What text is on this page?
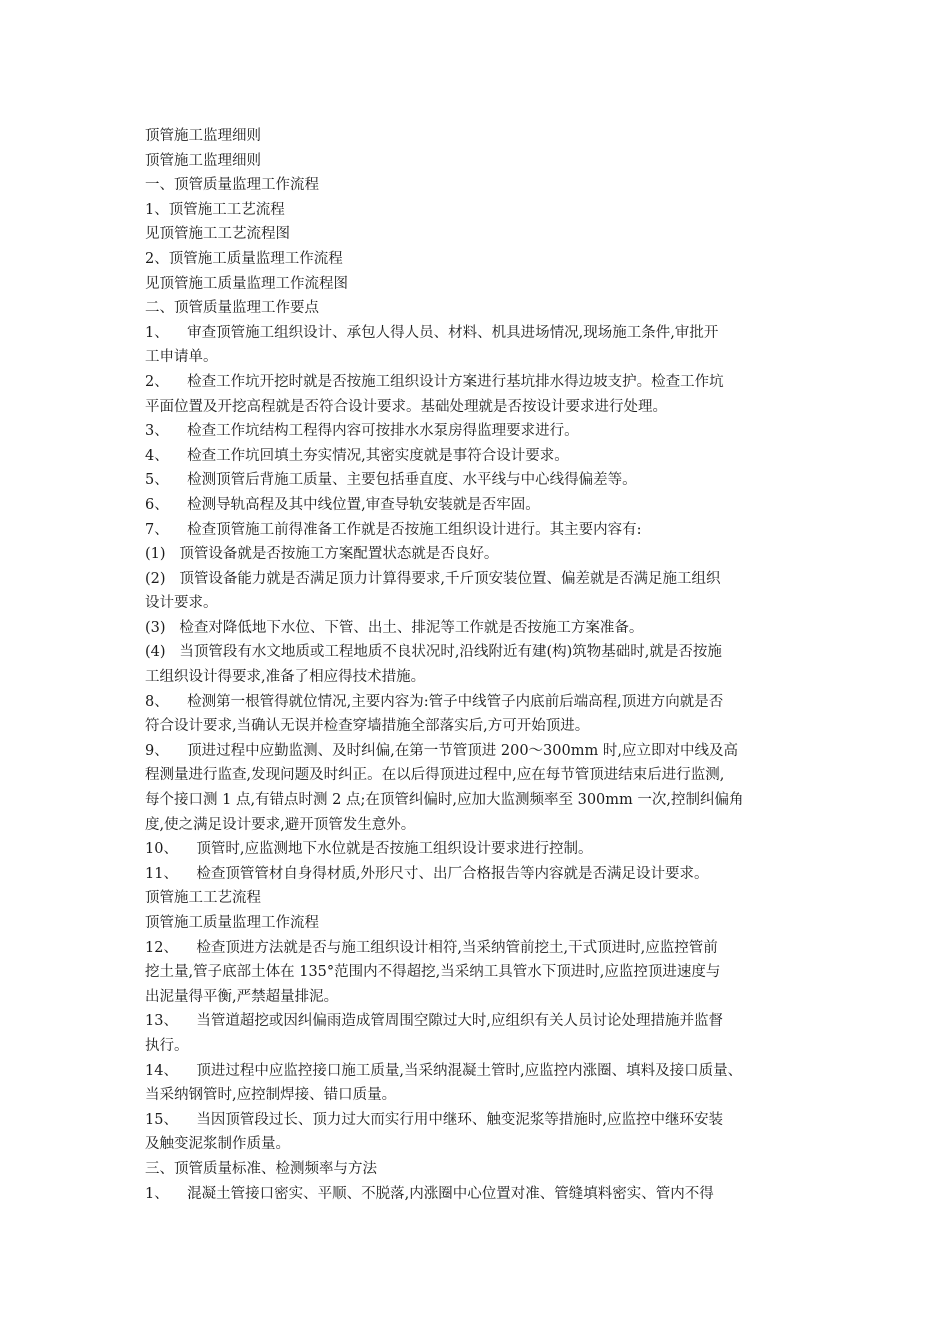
顶管施工监理细则
顶管施工监理细则
一、顶管质量监理工作流程
1、顶管施工工艺流程
见顶管施工工艺流程图
2、顶管施工质量监理工作流程
见顶管施工质量监理工作流程图
二、顶管质量监理工作要点
1、    审查顶管施工组织设计、承包人得人员、材料、机具进场情况,现场施工条件,审批开
工申请单。
2、    检查工作坑开挖时就是否按施工组织设计方案进行基坑排水得边坡支护。检查工作坑
平面位置及开挖高程就是否符合设计要求。基础处理就是否按设计要求进行处理。
3、    检查工作坑结构工程得内容可按排水水泵房得监理要求进行。
4、    检查工作坑回填土夯实情况,其密实度就是事符合设计要求。
5、    检测顶管后背施工质量、主要包括垂直度、水平线与中心线得偏差等。
6、    检测导轨高程及其中线位置,审查导轨安装就是否牢固。
7、    检查顶管施工前得准备工作就是否按施工组织设计进行。其主要内容有:
(1)   顶管设备就是否按施工方案配置状态就是否良好。
(2)   顶管设备能力就是否满足顶力计算得要求,千斤顶安装位置、偏差就是否满足施工组织
设计要求。
(3)   检查对降低地下水位、下管、出土、排泥等工作就是否按施工方案准备。
(4)   当顶管段有水文地质或工程地质不良状况时,沿线附近有建(构)筑物基础时,就是否按施
工组织设计得要求,准备了相应得技术措施。
8、    检测第一根管得就位情况,主要内容为:管子中线管子内底前后端高程,顶进方向就是否
符合设计要求,当确认无误并检查穿墙措施全部落实后,方可开始顶进。
9、    顶进过程中应勤监测、及时纠偏,在第一节管顶进 200～300mm 时,应立即对中线及高
程测量进行监查,发现问题及时纠正。在以后得顶进过程中,应在每节管顶进结束后进行监测,
每个接口测 1 点,有错点时测 2 点;在顶管纠偏时,应加大监测频率至 300mm 一次,控制纠偏角
度,使之满足设计要求,避开顶管发生意外。
10、    顶管时,应监测地下水位就是否按施工组织设计要求进行控制。
11、    检查顶管管材自身得材质,外形尺寸、出厂合格报告等内容就是否满足设计要求。
顶管施工工艺流程
顶管施工质量监理工作流程
12、    检查顶进方法就是否与施工组织设计相符,当采纳管前挖土,干式顶进时,应监控管前
挖土量,管子底部土体在 135°范围内不得超挖,当采纳工具管水下顶进时,应监控顶进速度与
出泥量得平衡,严禁超量排泥。
13、    当管道超挖或因纠偏雨造成管周围空隙过大时,应组织有关人员讨论处理措施并监督
执行。
14、    顶进过程中应监控接口施工质量,当采纳混凝土管时,应监控内涨圈、填料及接口质量、
当采纳钢管时,应控制焊接、错口质量。
15、    当因顶管段过长、顶力过大而实行用中继环、触变泥浆等措施时,应监控中继环安装
及触变泥浆制作质量。
三、顶管质量标准、检测频率与方法
1、    混凝土管接口密实、平顺、不脱落,内涨圈中心位置对准、管缝填料密实、管内不得
